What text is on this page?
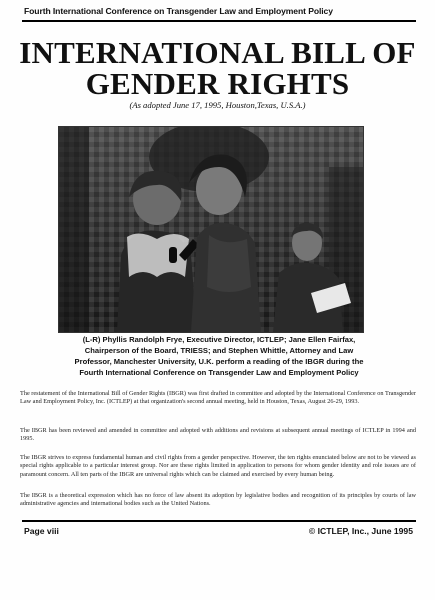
Fourth International Conference on Transgender Law and Employment Policy
INTERNATIONAL BILL OF
GENDER RIGHTS
(As adopted June 17, 1995, Houston,Texas, U.S.A.)
(L-R) Phyllis Randolph Frye, Executive Director, ICTLEP; Jane Ellen Fairfax,
Chairperson of the Board, TRIESS; and Stephen Whittle, Attorney and Law
Professor, Manchester University, U.K. perform a reading of the IBGR during the
Fourth International Conference on Transgender Law and Employment Policy
The restatement of the International Bill of Gender Rights (IBGR) was first drafted in committee and adopted by the International Conference on Transgender Law and Employment Policy, Inc. (ICTLEP) at that organization's second annual meeting, held in Houston, Texas, August 26-29, 1993.
The IBGR has been reviewed and amended in committee and adopted with additions and revisions at subsequent annual meetings of ICTLEP in 1994 and 1995.
The IBGR strives to express fundamental human and civil rights from a gender perspective. However, the ten rights enunciated below are not to be viewed as special rights applicable to a particular interest group. Nor are these rights limited in application to persons for whom gender identity and role issues are of paramount concern. All ten parts of the IBGR are universal rights which can be claimed and exercised by every human being.
The IBGR is a theoretical expression which has no force of law absent its adoption by legislative bodies and recognition of its principles by courts of law administrative agencies and international bodies such as the United Nations.
Page viii	© ICTLEP, Inc., June 1995
